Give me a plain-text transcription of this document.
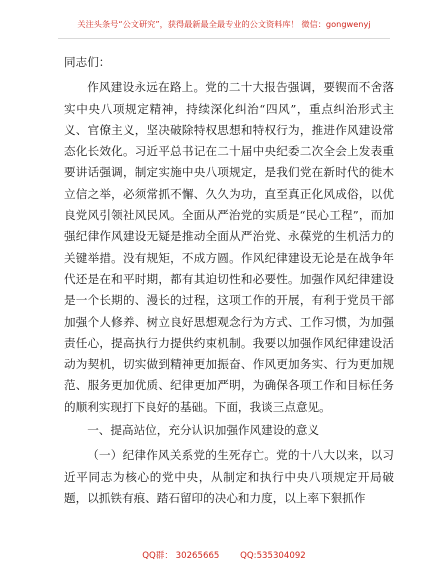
关注头条号“公文研究”，获得最新最全最专业的公文资料库！ 微信：gongwenyj

同志们：

作风建设永远在路上。党的二十大报告强调，要锲而不舍落实中央八项规定精神，持续深化纠治“四风”，重点纠治形式主义、官僚主义，坚决破除特权思想和特权行为，推进作风建设常态化长效化。习近平总书记在二十届中央纪委二次全会上发表重要讲话强调，制定实施中央八项规定，是我们党在新时代的徙木立信之举，必须常抓不懈、久久为功，直至真正化风成俗，以优良党风引领社风民风。全面从严治党的实质是“民心工程”，而加强纪律作风建设无疑是推动全面从严治党、永葆党的生机活力的关键举措。没有规矩，不成方圆。作风纪律建设无论是在战争年代还是在和平时期，都有其迫切性和必要性。加强作风纪律建设是一个长期的、漫长的过程，这项工作的开展，有利于党员干部加强个人修养、树立良好思想观念行为方式、工作习惯，为加强责任心，提高执行力提供约束机制。我要以加强作风纪律建设活动为契机，切实做到精神更加振奋、作风更加务实、行为更加规范、服务更加优质、纪律更加严明，为确保各项工作和目标任务的顺利实现打下良好的基础。下面，我谈三点意见。

一、提高站位，充分认识加强作风建设的意义

（一）纪律作风关系党的生死存亡。党的十八大以来，以习近平同志为核心的党中央，从制定和执行中央八项规定开局破题，以抓铁有痕、踏石留印的决心和力度，以上率下狠抓作

QQ群： 30265665 QQ:535304092
